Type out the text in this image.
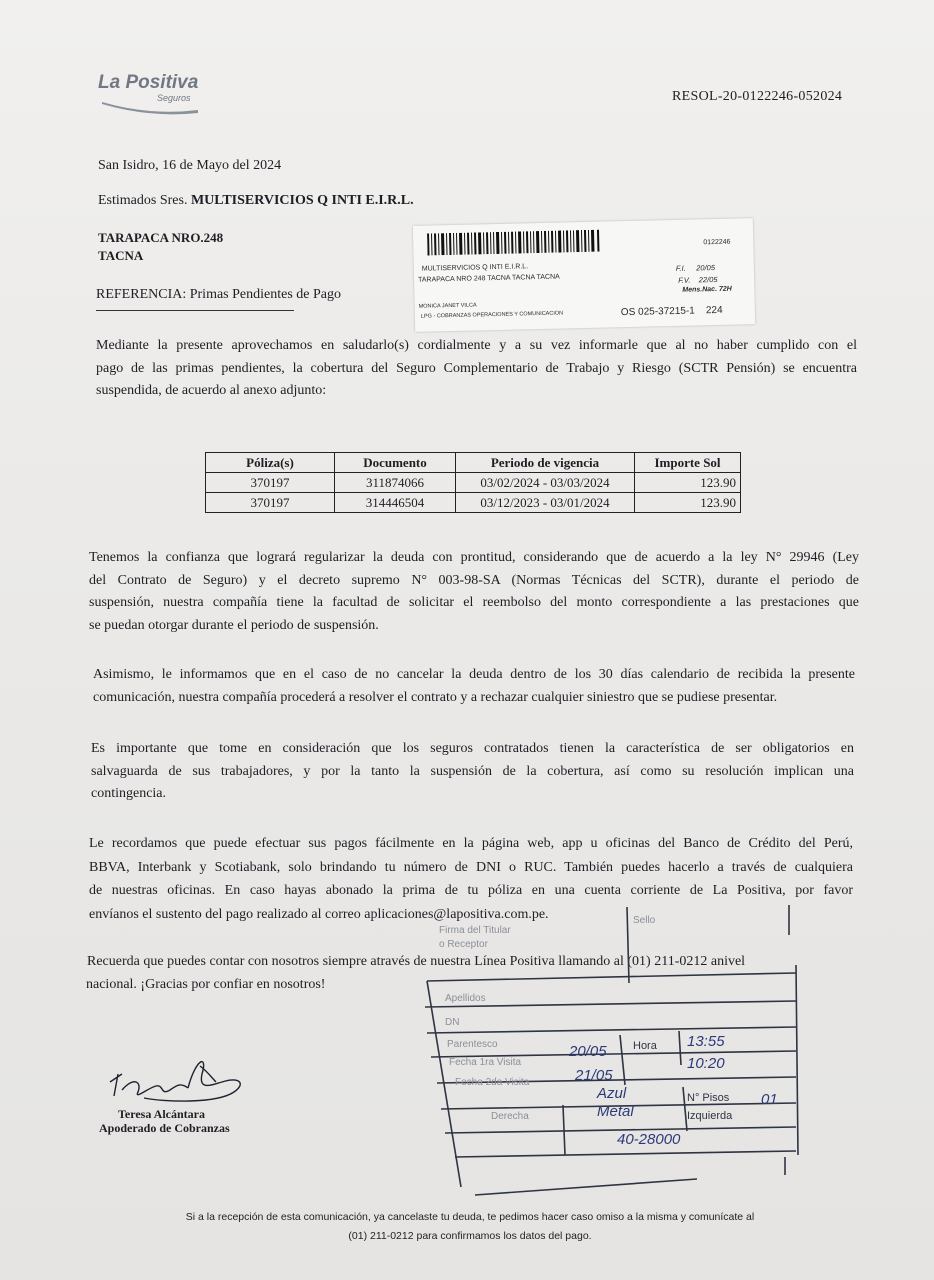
La Positiva
Seguros	RESOL-20-0122246-052024
San Isidro, 16 de Mayo del 2024
Estimados Sres. MULTISERVICIOS Q INTI E.I.R.L.
TARAPACA NRO.248
TACNA
REFERENCIA: Primas Pendientes de Pago
0122246
MULTISERVICIOS Q INTI E.I.R.L.
TARAPACA NRO 248 TACNA TACNA TACNA
F.I. 20/05
F.V. 22/05
Mens.Nac. 72H
MONICA JANET VILCA
LPG - COBRANZAS OPERACIONES Y COMUNICACION	OS 025-37215-1 224
Mediante la presente aprovechamos en saludarlo(s) cordialmente y a su vez informarle que al no haber cumplido con el
pago de las primas pendientes, la cobertura del Seguro Complementario de Trabajo y Riesgo (SCTR Pensión) se encuentra
suspendida, de acuerdo al anexo adjunto:
Póliza(s)	Documento	Periodo de vigencia	Importe Sol
370197	311874066	03/02/2024 - 03/03/2024	123.90
370197	314446504	03/12/2023 - 03/01/2024	123.90
Tenemos la confianza que logrará regularizar la deuda con prontitud, considerando que de acuerdo a la ley N° 29946 (Ley
del Contrato de Seguro) y el decreto supremo N° 003-98-SA (Normas Técnicas del SCTR), durante el periodo de
suspensión, nuestra compañía tiene la facultad de solicitar el reembolso del monto correspondiente a las prestaciones que
se puedan otorgar durante el periodo de suspensión.
Asimismo, le informamos que en el caso de no cancelar la deuda dentro de los 30 días calendario de recibida la presente
comunicación, nuestra compañía procederá a resolver el contrato y a rechazar cualquier siniestro que se pudiese presentar.
Es importante que tome en consideración que los seguros contratados tienen la característica de ser obligatorios en
salvaguarda de sus trabajadores, y por la tanto la suspensión de la cobertura, así como su resolución implican una
contingencia.
Le recordamos que puede efectuar sus pagos fácilmente en la página web, app u oficinas del Banco de Crédito del Perú,
BBVA, Interbank y Scotiabank, solo brindando tu número de DNI o RUC. También puedes hacerlo a través de cualquiera
de nuestras oficinas. En caso hayas abonado la prima de tu póliza en una cuenta corriente de La Positiva, por favor
envíanos el sustento del pago realizado al correo aplicaciones@lapositiva.com.pe.
Recuerda que puedes contar con nosotros siempre através de nuestra Línea Positiva llamando al (01) 211-0212 anivel
nacional. ¡Gracias por confiar en nosotros!
Firma del Titular
o Receptor
Sello
Apellidos
DN
Parentesco
Fecha 1ra Visita
Fecha 2da Visita
Hora
N° Pisos
Izquierda
Derecha
20/05
13:55
21/05
10:20
Azul	01
Metal
40-28000
Teresa Alcántara
Apoderado de Cobranzas
Si a la recepción de esta comunicación, ya cancelaste tu deuda, te pedimos hacer caso omiso a la misma y comunícate al
(01) 211-0212 para confirmamos los datos del pago.
